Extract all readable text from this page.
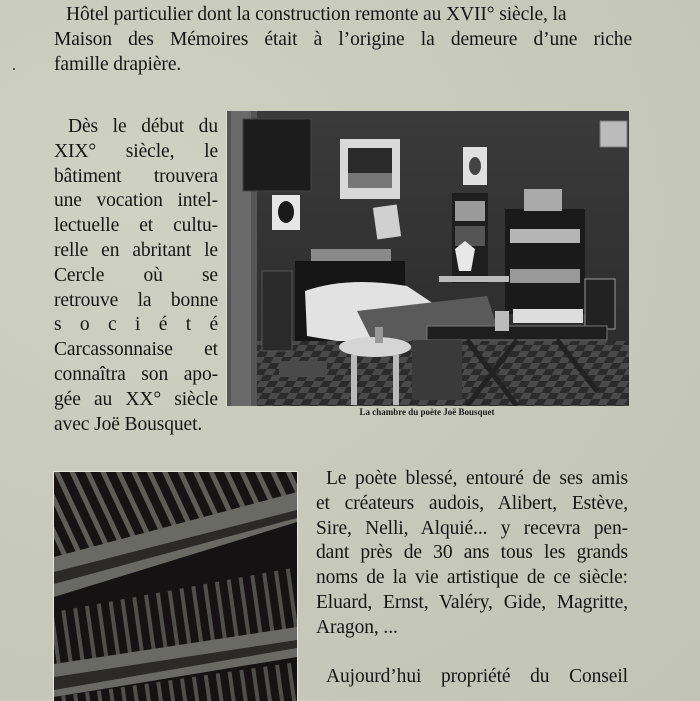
Hôtel particulier dont la construction remonte au XVII° siècle, la
Maison des Mémoires était à l’origine la demeure d’une riche
famille drapière.
Dès le début du
XIX° siècle, le
bâtiment trouvera
une vocation intel-
lectuelle et cultu-
relle en abritant le
Cercle où se
retrouve la bonne
s o c i é t é
Carcassonnaise et
connaîtra son apo-
gée au XX° siècle
avec Joë Bousquet.
La chambre du poète Joë Bousquet
Le poète blessé, entouré de ses amis
et créateurs audois, Alibert, Estève,
Sire, Nelli, Alquié... y recevra pen-
dant près de 30 ans tous les grands
noms de la vie artistique de ce siècle:
Eluard, Ernst, Valéry, Gide, Magritte,
Aragon, ...
Aujourd’hui propriété du Conseil
